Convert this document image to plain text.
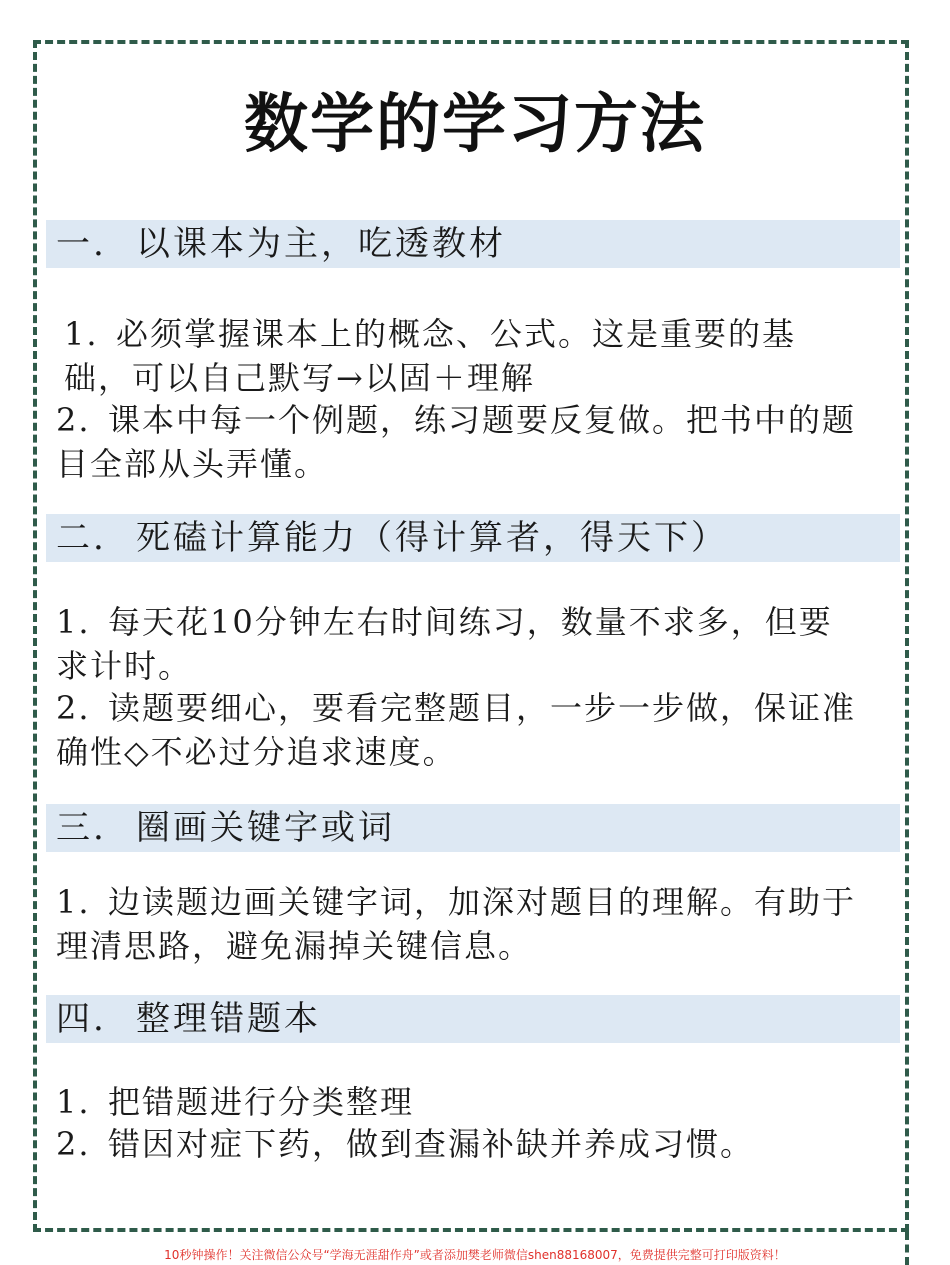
数学的学习方法
一. 以课本为主，吃透教材

1. 必须掌握课本上的概念、公式。这是重要的基础，可以自己默写→以固＋理解

2. 课本中每一个例题，练习题要反复做。把书中的题目全部从头弄懂。

二. 死磕计算能力（得计算者，得天下）

1. 每天花10分钟左右时间练习，数量不求多，但要求计时。

2. 读题要细心，要看完整题目，一步一步做，保证准确性◇不必过分追求速度。

三. 圈画关键字或词

1. 边读题边画关键字词，加深对题目的理解。有助于理清思路，避免漏掉关键信息。

四. 整理错题本

1. 把错题进行分类整理

2. 错因对症下药，做到查漏补缺并养成习惯。

10秒钟操作！关注微信公众号“学海无涯甜作舟”或者添加樊老师微信shen88168007，免费提供完整可打印版资料！
